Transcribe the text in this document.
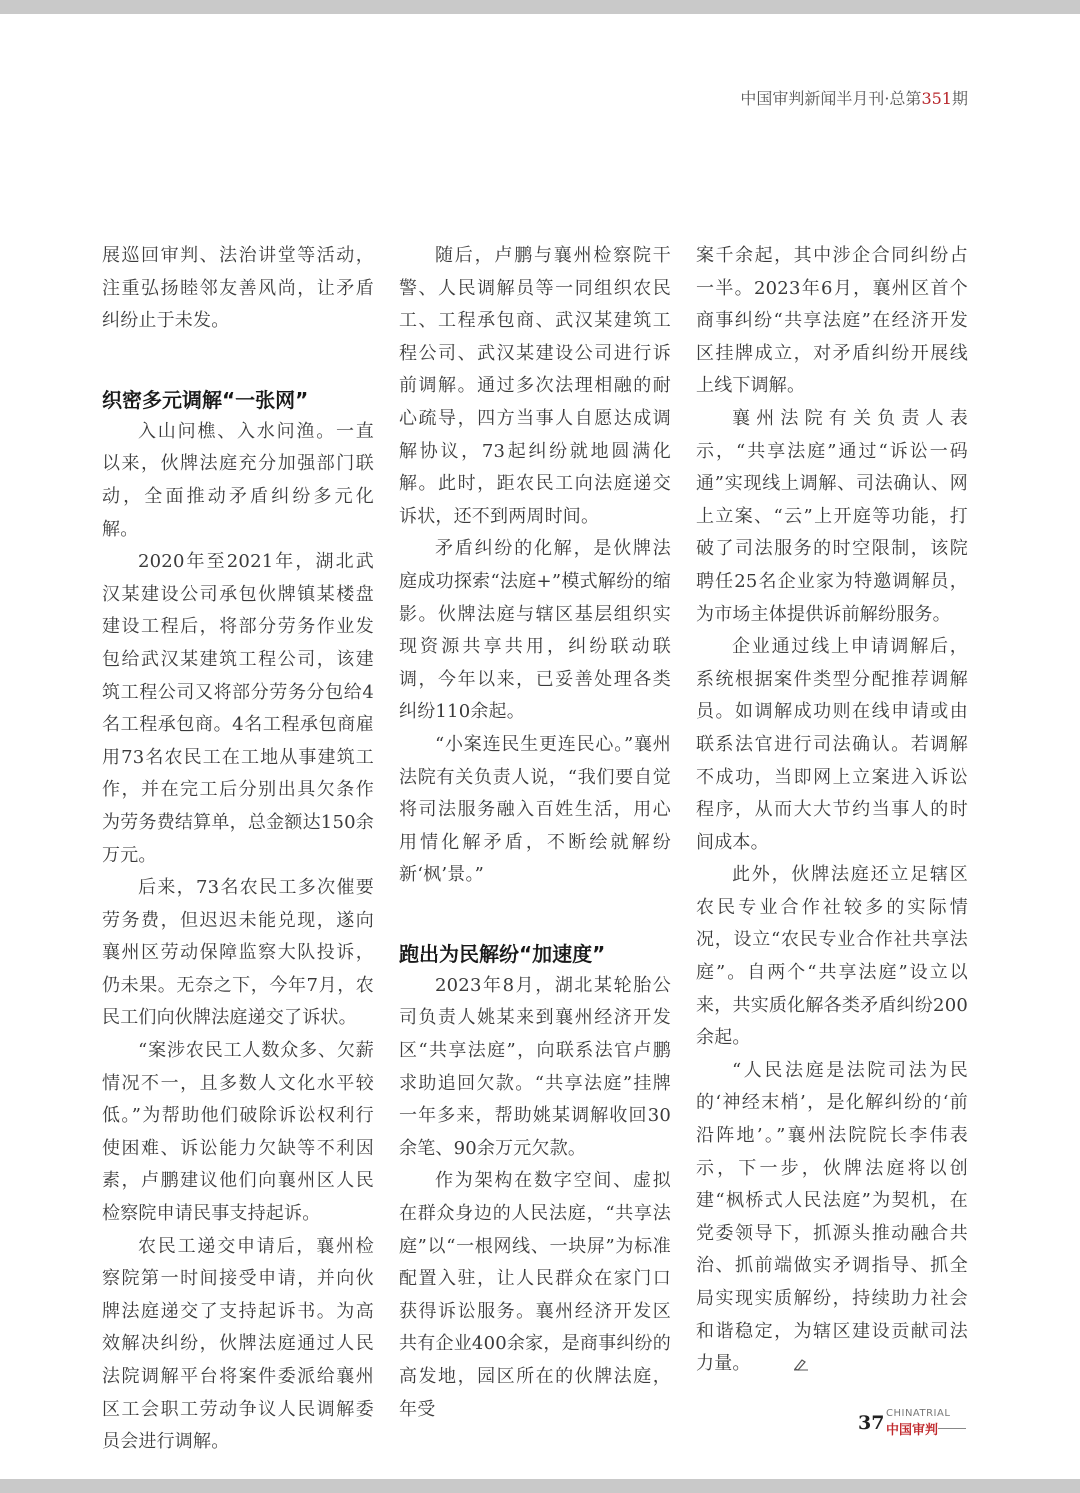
中国审判新闻半月刊·总第351期

展巡回审判、法治讲堂等活动，注重弘扬睦邻友善风尚，让矛盾纠纷止于未发。

织密多元调解“一张网”

入山问樵、入水问渔。一直以来，伙牌法庭充分加强部门联动，全面推动矛盾纠纷多元化解。

2020年至2021年，湖北武汉某建设公司承包伙牌镇某楼盘建设工程后，将部分劳务作业发包给武汉某建筑工程公司，该建筑工程公司又将部分劳务分包给4名工程承包商。4名工程承包商雇用73名农民工在工地从事建筑工作，并在完工后分别出具欠条作为劳务费结算单，总金额达150余万元。

后来，73名农民工多次催要劳务费，但迟迟未能兑现，遂向襄州区劳动保障监察大队投诉，仍未果。无奈之下，今年7月，农民工们向伙牌法庭递交了诉状。

“案涉农民工人数众多、欠薪情况不一，且多数人文化水平较低。”为帮助他们破除诉讼权利行使困难、诉讼能力欠缺等不利因素，卢鹏建议他们向襄州区人民检察院申请民事支持起诉。

农民工递交申请后，襄州检察院第一时间接受申请，并向伙牌法庭递交了支持起诉书。为高效解决纠纷，伙牌法庭通过人民法院调解平台将案件委派给襄州区工会职工劳动争议人民调解委员会进行调解。

随后，卢鹏与襄州检察院干警、人民调解员等一同组织农民工、工程承包商、武汉某建筑工程公司、武汉某建设公司进行诉前调解。通过多次法理相融的耐心疏导，四方当事人自愿达成调解协议，73起纠纷就地圆满化解。此时，距农民工向法庭递交诉状，还不到两周时间。

矛盾纠纷的化解，是伙牌法庭成功探索“法庭+”模式解纷的缩影。伙牌法庭与辖区基层组织实现资源共享共用，纠纷联动联调，今年以来，已妥善处理各类纠纷110余起。

“小案连民生更连民心。”襄州法院有关负责人说，“我们要自觉将司法服务融入百姓生活，用心用情化解矛盾，不断绘就解纷新‘枫’景。”

跑出为民解纷“加速度”

2023年8月，湖北某轮胎公司负责人姚某来到襄州经济开发区“共享法庭”，向联系法官卢鹏求助追回欠款。“共享法庭”挂牌一年多来，帮助姚某调解收回30余笔、90余万元欠款。

作为架构在数字空间、虚拟在群众身边的人民法庭，“共享法庭”以“一根网线、一块屏”为标准配置入驻，让人民群众在家门口获得诉讼服务。襄州经济开发区共有企业400余家，是商事纠纷的高发地，园区所在的伙牌法庭，年受

案千余起，其中涉企合同纠纷占一半。2023年6月，襄州区首个商事纠纷“共享法庭”在经济开发区挂牌成立，对矛盾纠纷开展线上线下调解。

襄州法院有关负责人表示，“共享法庭”通过“诉讼一码通”实现线上调解、司法确认、网上立案、“云”上开庭等功能，打破了司法服务的时空限制，该院聘任25名企业家为特邀调解员，为市场主体提供诉前解纷服务。

企业通过线上申请调解后，系统根据案件类型分配推荐调解员。如调解成功则在线申请或由联系法官进行司法确认。若调解不成功，当即网上立案进入诉讼程序，从而大大节约当事人的时间成本。

此外，伙牌法庭还立足辖区农民专业合作社较多的实际情况，设立“农民专业合作社共享法庭”。自两个“共享法庭”设立以来，共实质化解各类矛盾纠纷200余起。

“人民法庭是法院司法为民的‘神经末梢’，是化解纠纷的‘前沿阵地’。”襄州法院院长李伟表示，下一步，伙牌法庭将以创建“枫桥式人民法庭”为契机，在党委领导下，抓源头推动融合共治、抓前端做实矛调指导、抓全局实现实质解纷，持续助力社会和谐稳定，为辖区建设贡献司法力量。

37 CHINATRIAL
中国审判
